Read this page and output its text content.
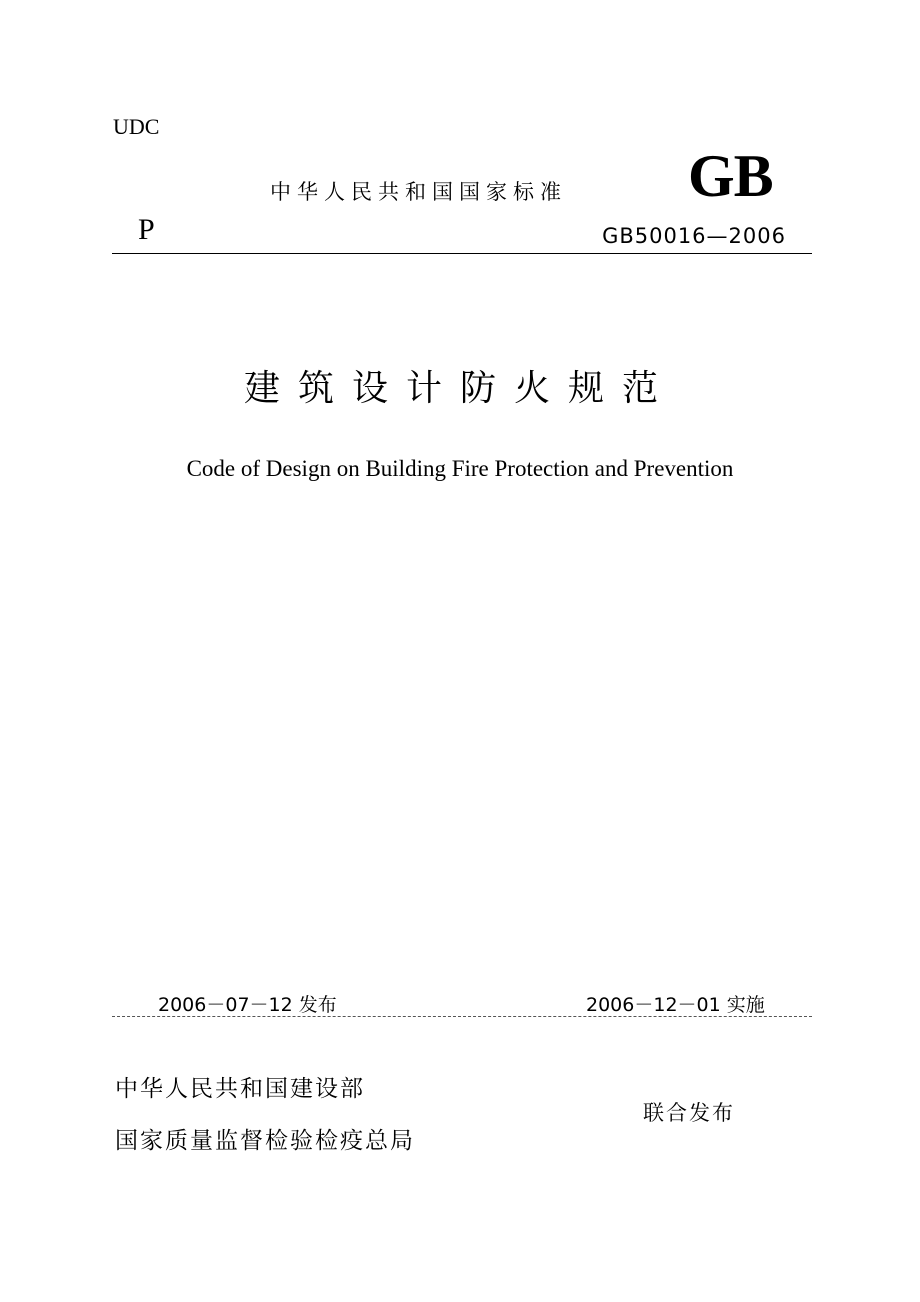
UDC
中华人民共和国国家标准 GB
P	GB50016—2006
建筑设计防火规范
Code of Design on Building Fire Protection and Prevention
2006－07－12 发布	2006－12－01 实施
中华人民共和国建设部
国家质量监督检验检疫总局
联合发布
